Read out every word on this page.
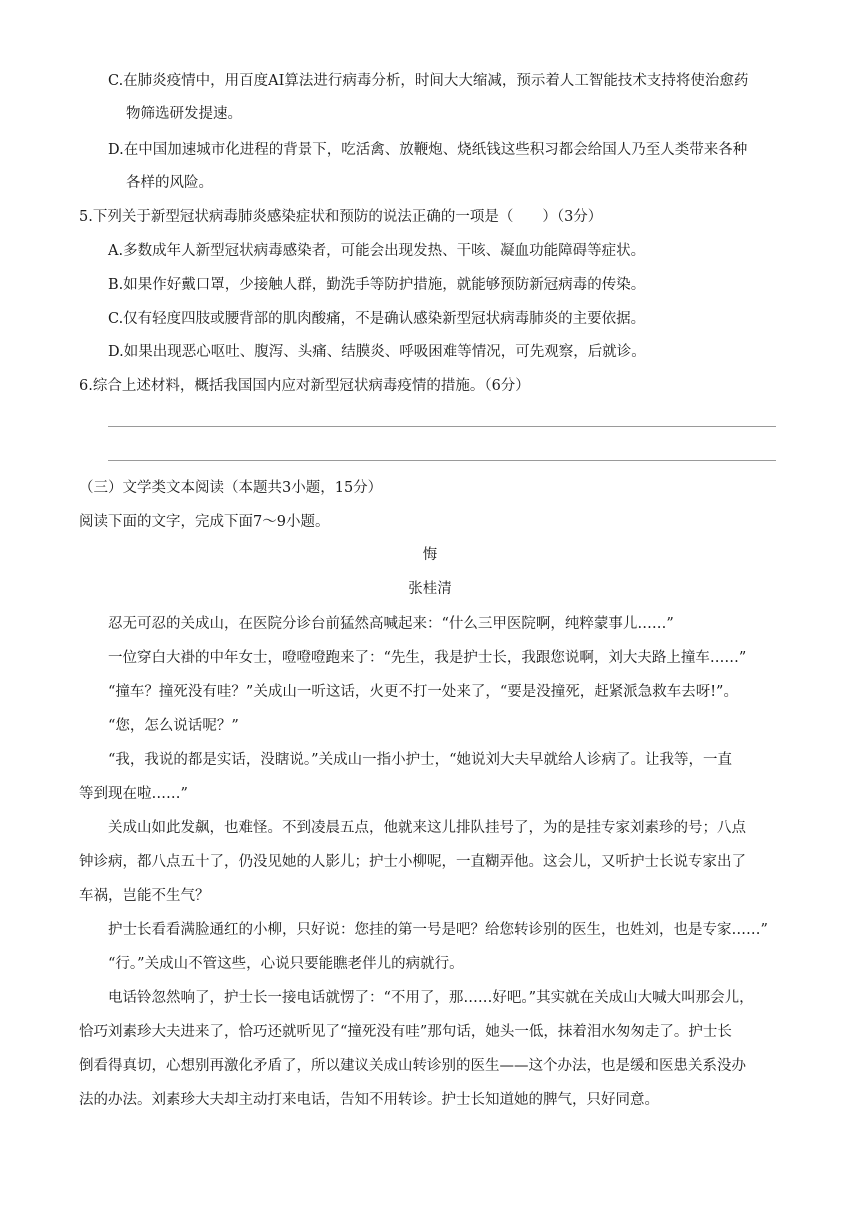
C.在肺炎疫情中，用百度AI算法进行病毒分析，时间大大缩减，预示着人工智能技术支持将使治愈药
物筛选研发提速。
D.在中国加速城市化进程的背景下，吃活禽、放鞭炮、烧纸钱这些积习都会给国人乃至人类带来各种
各样的风险。
5.下列关于新型冠状病毒肺炎感染症状和预防的说法正确的一项是（　　）（3分）
A.多数成年人新型冠状病毒感染者，可能会出现发热、干咳、凝血功能障碍等症状。
B.如果作好戴口罩，少接触人群，勤洗手等防护措施，就能够预防新冠病毒的传染。
C.仅有轻度四肢或腰背部的肌肉酸痛，不是确认感染新型冠状病毒肺炎的主要依据。
D.如果出现恶心呕吐、腹泻、头痛、结膜炎、呼吸困难等情况，可先观察，后就诊。
6.综合上述材料，概括我国国内应对新型冠状病毒疫情的措施。（6分）
（三）文学类文本阅读（本题共3小题，15分）
阅读下面的文字，完成下面7～9小题。
悔
张桂清
忍无可忍的关成山，在医院分诊台前猛然高喊起来：“什么三甲医院啊，纯粹蒙事儿……”
一位穿白大褂的中年女士，噔噔噔跑来了：“先生，我是护士长，我跟您说啊，刘大夫路上撞车……”
“撞车？撞死没有哇？”关成山一听这话，火更不打一处来了，“要是没撞死，赶紧派急救车去呀!”。
“您，怎么说话呢？”
“我，我说的都是实话，没瞎说。”关成山一指小护士，“她说刘大夫早就给人诊病了。让我等，一直
等到现在啦……”
关成山如此发飙，也难怪。不到凌晨五点，他就来这儿排队挂号了，为的是挂专家刘素珍的号；八点
钟诊病，都八点五十了，仍没见她的人影儿；护士小柳呢，一直糊弄他。这会儿，又听护士长说专家出了
车祸，岂能不生气？
护士长看看满脸通红的小柳，只好说：您挂的第一号是吧？给您转诊别的医生，也姓刘，也是专家……”
“行。”关成山不管这些，心说只要能瞧老伴儿的病就行。
电话铃忽然响了，护士长一接电话就愣了：“不用了，那……好吧。”其实就在关成山大喊大叫那会儿，
恰巧刘素珍大夫进来了，恰巧还就听见了“撞死没有哇”那句话，她头一低，抹着泪水匆匆走了。护士长
倒看得真切，心想别再激化矛盾了，所以建议关成山转诊别的医生——这个办法，也是缓和医患关系没办
法的办法。刘素珍大夫却主动打来电话，告知不用转诊。护士长知道她的脾气，只好同意。
